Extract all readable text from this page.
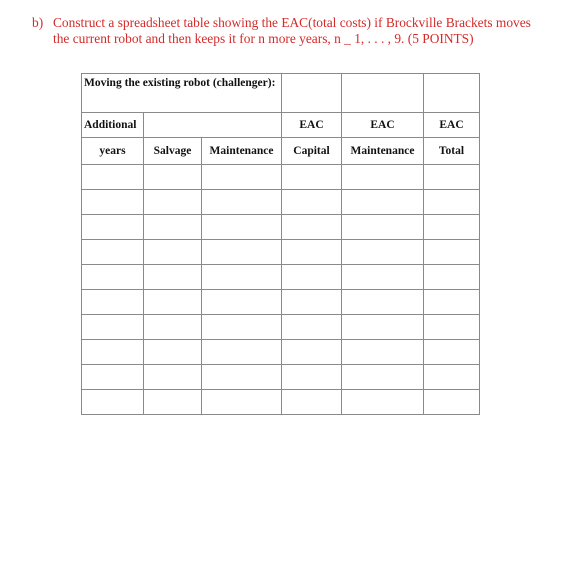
b) Construct a spreadsheet table showing the EAC(total costs) if Brockville Brackets moves
the current robot and then keeps it for n more years, n _ 1, . . . , 9. (5 POINTS)
Moving the existing robot (challenger):					
Additional			EAC	EAC	EAC
years	Salvage	Maintenance	Capital	Maintenance	Total
